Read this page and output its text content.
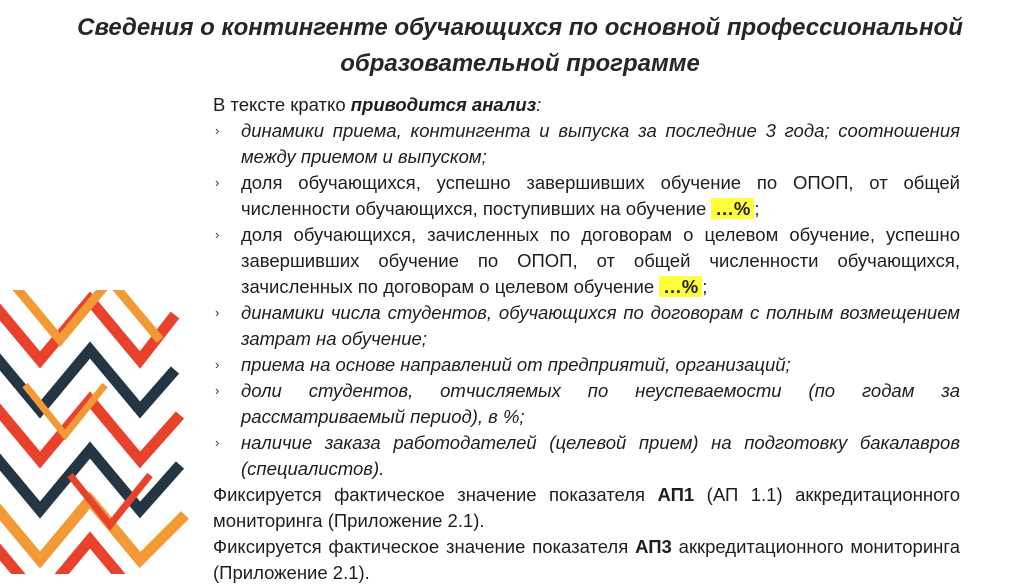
Сведения о контингенте обучающихся по основной профессиональной
образовательной программе

В тексте кратко приводится анализ:

› динамики приема, контингента и выпуска за последние 3 года; соотношения между приемом и выпуском;
› доля обучающихся, успешно завершивших обучение по ОПОП, от общей численности обучающихся, поступивших на обучение …% ;
› доля обучающихся, зачисленных по договорам о целевом обучение, успешно завершивших обучение по ОПОП, от общей численности обучающихся, зачисленных по договорам о целевом обучение …% ;
› динамики числа студентов, обучающихся по договорам с полным возмещением затрат на обучение;
› приема на основе направлений от предприятий, организаций;
› доли студентов, отчисляемых по неуспеваемости (по годам за рассматриваемый период), в %;
› наличие заказа работодателей (целевой прием) на подготовку бакалавров (специалистов).

Фиксируется фактическое значение показателя АП1 (АП 1.1) аккредитационного мониторинга (Приложение 2.1).

Фиксируется фактическое значение показателя АП3 аккредитационного мониторинга (Приложение 2.1).
